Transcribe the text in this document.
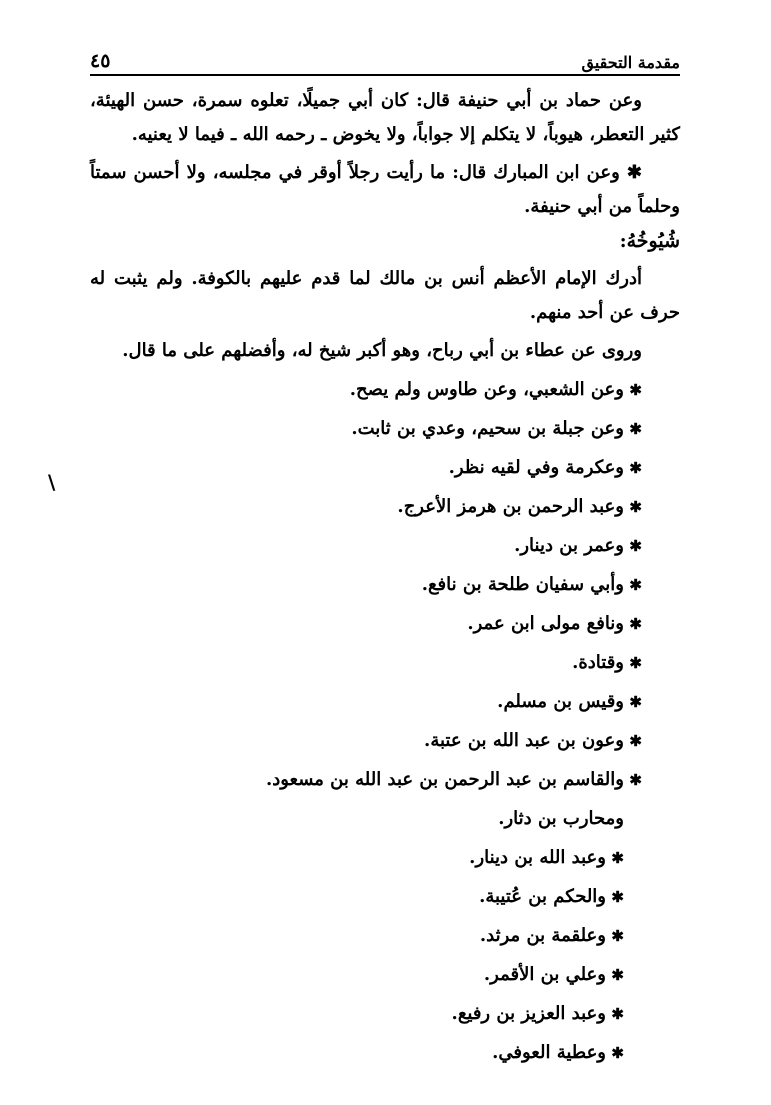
مقدمة التحقيق
٤٥
\

وعن حماد بن أبي حنيفة قال: كان أبي جميلًا، تعلوه سمرة، حسن الهيئة، كثير التعطر، هيوباً، لا يتكلم إلا جواباً، ولا يخوض ـ رحمه الله ـ فيما لا يعنيه.

✱ وعن ابن المبارك قال: ما رأيت رجلاً أوقر في مجلسه، ولا أحسن سمتاً وحلماً من أبي حنيفة.

شُيُوخُهُ:

أدرك الإمام الأعظم أنس بن مالك لما قدم عليهم بالكوفة. ولم يثبت له حرف عن أحد منهم.

وروى عن عطاء بن أبي رباح، وهو أكبر شيخ له، وأفضلهم على ما قال.

✱وعن الشعبي، وعن طاوس ولم يصح.
✱وعن جبلة بن سحيم، وعدي بن ثابت.
✱وعكرمة وفي لقيه نظر.
✱وعبد الرحمن بن هرمز الأعرج.
✱وعمر بن دينار.
✱وأبي سفيان طلحة بن نافع.
✱ونافع مولى ابن عمر.
✱وقتادة.
✱وقيس بن مسلم.
✱وعون بن عبد الله بن عتبة.
✱والقاسم بن عبد الرحمن بن عبد الله بن مسعود.
ومحارب بن دثار.
✱وعبد الله بن دينار.
✱والحكم بن عُتيبة.
✱وعلقمة بن مرثد.
✱وعلي بن الأقمر.
✱وعبد العزيز بن رفيع.
✱وعطية العوفي.
